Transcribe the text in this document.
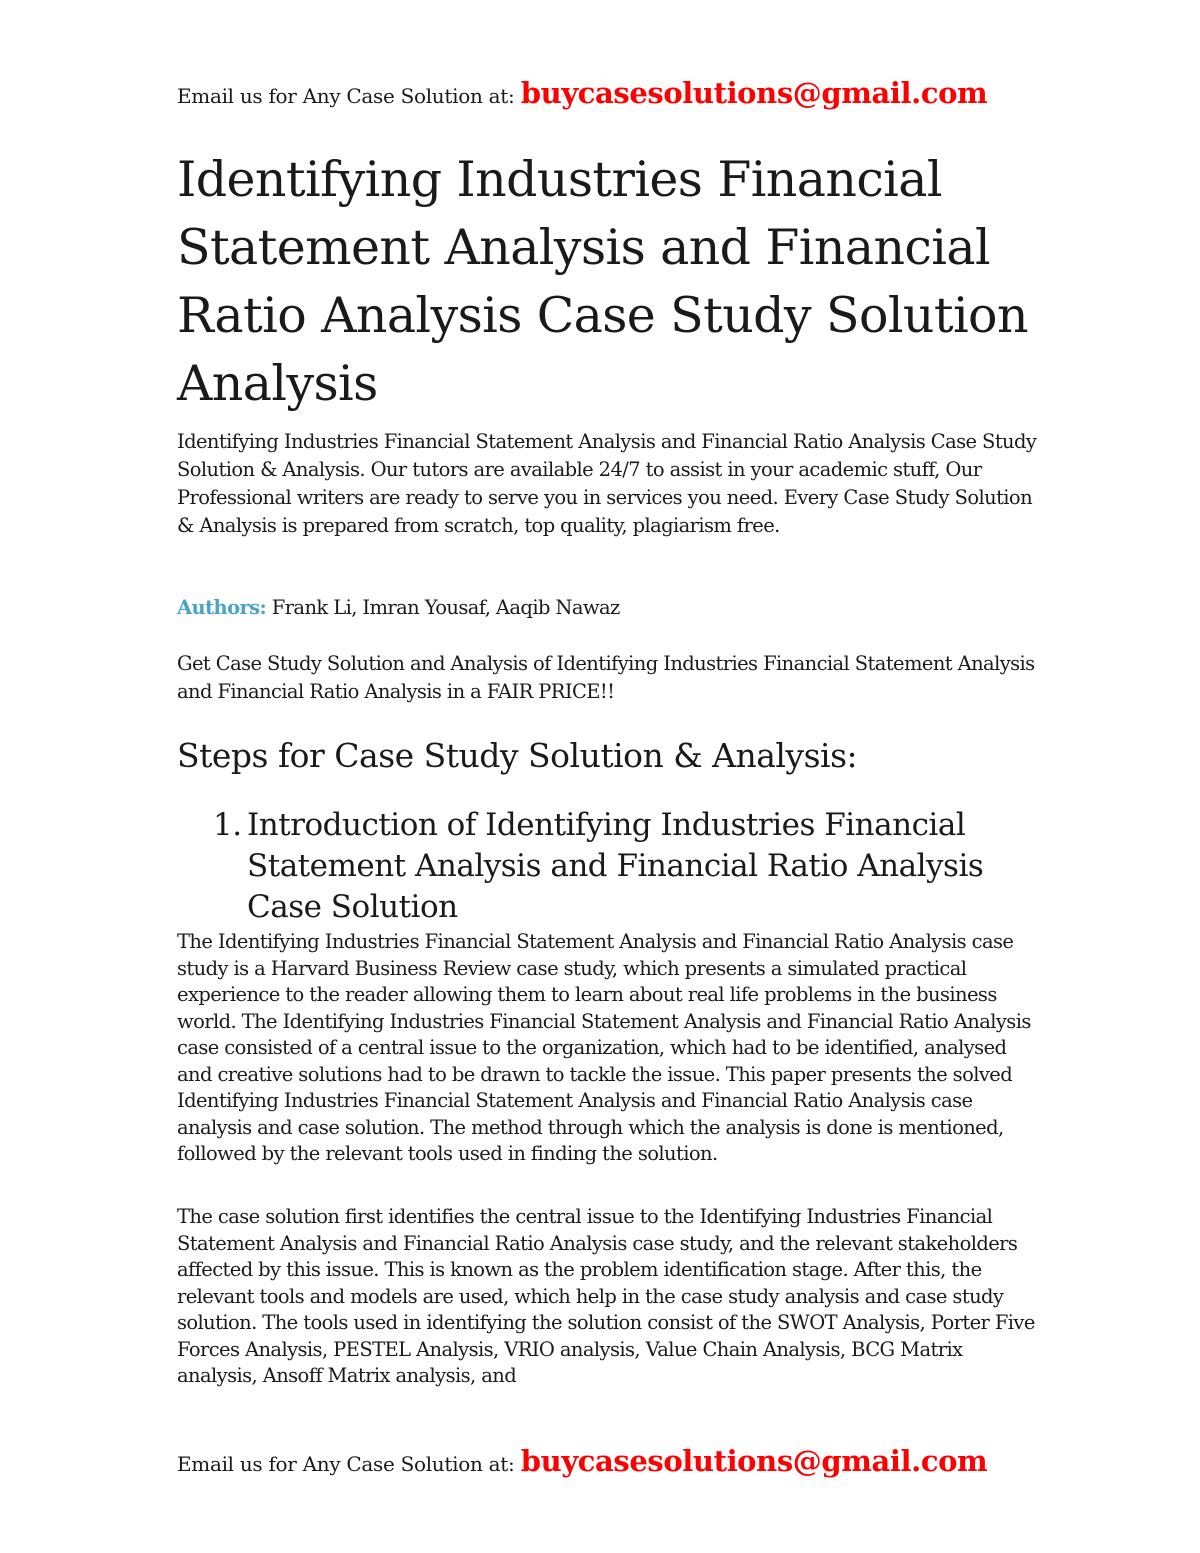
Email us for Any Case Solution at: buycasesolutions@gmail.com
Identifying Industries Financial Statement Analysis and Financial Ratio Analysis Case Study Solution Analysis

Identifying Industries Financial Statement Analysis and Financial Ratio Analysis Case Study Solution & Analysis. Our tutors are available 24/7 to assist in your academic stuff, Our Professional writers are ready to serve you in services you need. Every Case Study Solution & Analysis is prepared from scratch, top quality, plagiarism free.

Authors: Frank Li, Imran Yousaf, Aaqib Nawaz

Get Case Study Solution and Analysis of Identifying Industries Financial Statement Analysis and Financial Ratio Analysis in a FAIR PRICE!!

Steps for Case Study Solution & Analysis:
1. Introduction of Identifying Industries Financial Statement Analysis and Financial Ratio Analysis Case Solution

The Identifying Industries Financial Statement Analysis and Financial Ratio Analysis case study is a Harvard Business Review case study, which presents a simulated practical experience to the reader allowing them to learn about real life problems in the business world. The Identifying Industries Financial Statement Analysis and Financial Ratio Analysis case consisted of a central issue to the organization, which had to be identified, analysed and creative solutions had to be drawn to tackle the issue. This paper presents the solved Identifying Industries Financial Statement Analysis and Financial Ratio Analysis case analysis and case solution. The method through which the analysis is done is mentioned, followed by the relevant tools used in finding the solution.

The case solution first identifies the central issue to the Identifying Industries Financial Statement Analysis and Financial Ratio Analysis case study, and the relevant stakeholders affected by this issue. This is known as the problem identification stage. After this, the relevant tools and models are used, which help in the case study analysis and case study solution. The tools used in identifying the solution consist of the SWOT Analysis, Porter Five Forces Analysis, PESTEL Analysis, VRIO analysis, Value Chain Analysis, BCG Matrix analysis, Ansoff Matrix analysis, and

Email us for Any Case Solution at: buycasesolutions@gmail.com
